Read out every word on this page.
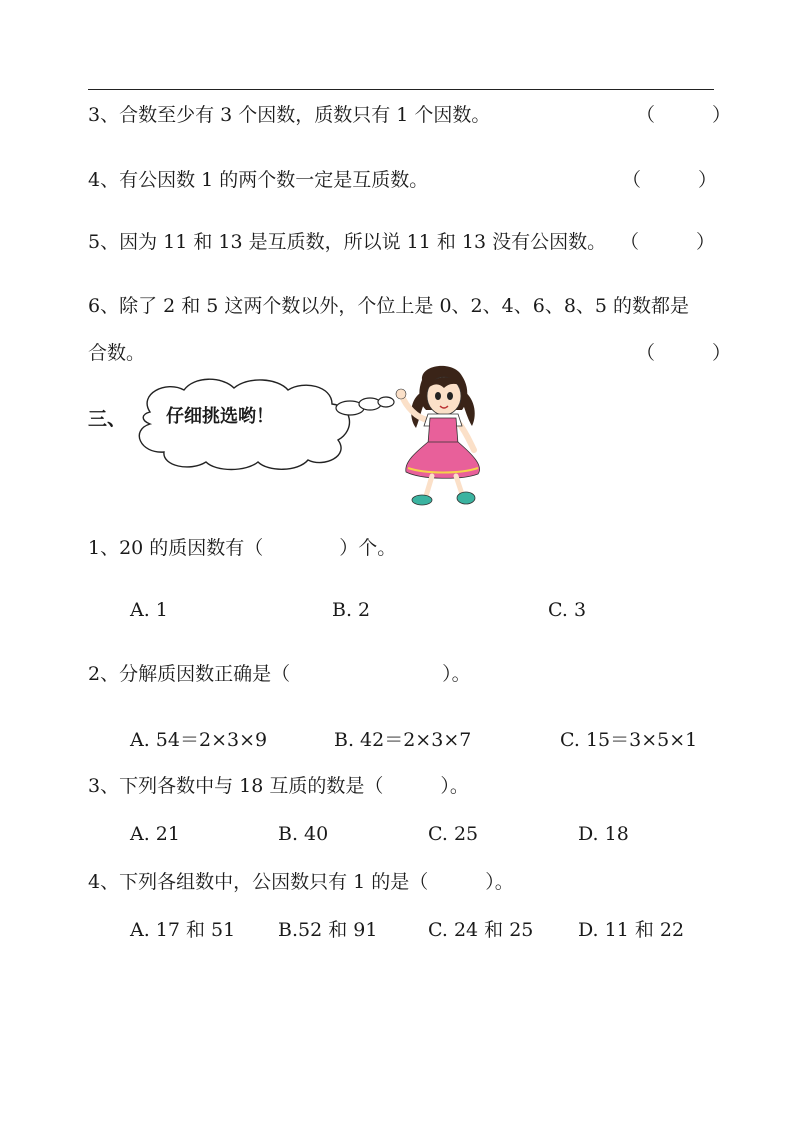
3、合数至少有 3 个因数，质数只有 1 个因数。	（　　　）
4、有公因数 1 的两个数一定是互质数。	（　　　）
5、因为 11 和 13 是互质数，所以说 11 和 13 没有公因数。 （　　　）
6、除了 2 和 5 这两个数以外，个位上是 0、2、4、6、8、5 的数都是
合数。	（　　　）
三、 仔细挑选哟！
1、20 的质因数有（　　　　）个。
A. 1	B. 2	C. 3
2、分解质因数正确是（　　　　　　　　）。
A. 54＝2×3×9	B. 42＝2×3×7	C. 15＝3×5×1
3、下列各数中与 18 互质的数是（　　　）。
A. 21	B. 40	C. 25	D. 18
4、下列各组数中，公因数只有 1 的是（　　　）。
A. 17 和 51 B.52 和 91	C. 24 和 25 D. 11 和 22
